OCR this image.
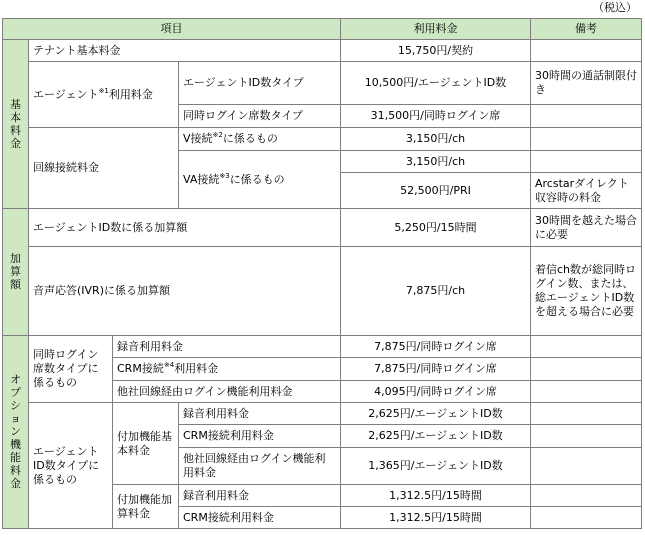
（税込）
項目				利用料金	備考
基本料金	テナント基本料金			15,750円/契約	
	エージェント$^{※1}$利用料金		エージェントID数タイプ	10,500円/エージェントID数	30時間の通話制限付き
			同時ログイン席数タイプ	31,500円/同時ログイン席	
	回線接続料金		V接続$^{※2}$に係るもの	3,150円/ch	
			VA接続$^{※3}$に係るもの	3,150円/ch	
				52,500円/PRI	Arcstarダイレクト収容時の料金
加算額	エージェントID数に係る加算額			5,250円/15時間	30時間を越えた場合に必要
	音声応答(IVR)に係る加算額			7,875円/ch	着信ch数が総同時ログイン数、または、総エージェントID数を超える場合に必要
オプション機能料金	同時ログイン席数タイプに係るもの	録音利用料金		7,875円/同時ログイン席	
		CRM接続$^{※4}$利用料金		7,875円/同時ログイン席	
		他社回線経由ログイン機能利用料金		4,095円/同時ログイン席	
	エージェントID数タイプに係るもの	付加機能基本料金	録音利用料金	2,625円/エージェントID数	
			CRM接続利用料金	2,625円/エージェントID数	
			他社回線経由ログイン機能利用料金	1,365円/エージェントID数	
		付加機能加算料金	録音利用料金	1,312.5円/15時間	
			CRM接続利用料金	1,312.5円/15時間	
